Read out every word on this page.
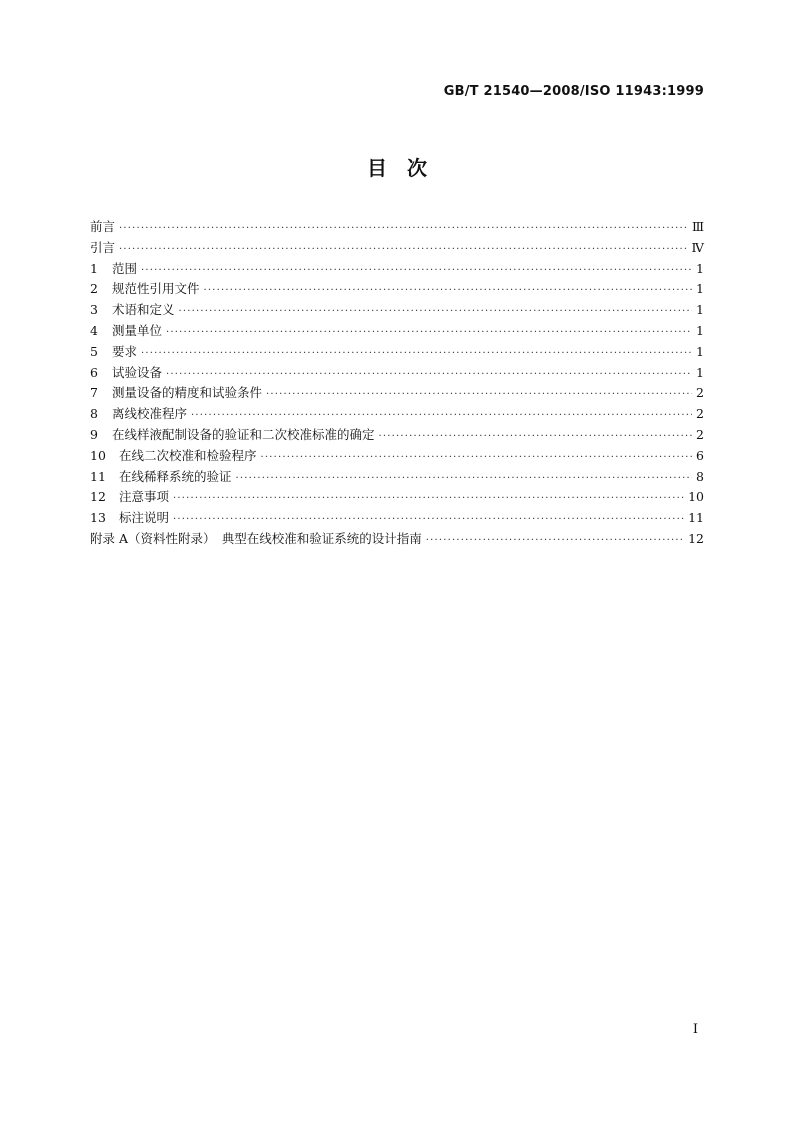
GB/T 21540—2008/ISO 11943:1999
目　次
前言 ·····	Ⅲ
引言 ·····	Ⅳ
1	范围 ·····	1
2	规范性引用文件 ·····	1
3	术语和定义 ·····	1
4	测量单位 ·····	1
5	要求 ·····	1
6	试验设备 ·····	1
7	测量设备的精度和试验条件 ·····	2
8	离线校准程序 ·····	2
9	在线样液配制设备的验证和二次校准标准的确定 ·····	2
10	在线二次校准和检验程序 ·····	6
11	在线稀释系统的验证 ·····	8
12	注意事项 ·····	10
13	标注说明 ·····	11
附录 A（资料性附录）　典型在线校准和验证系统的设计指南 ·····	12
I
